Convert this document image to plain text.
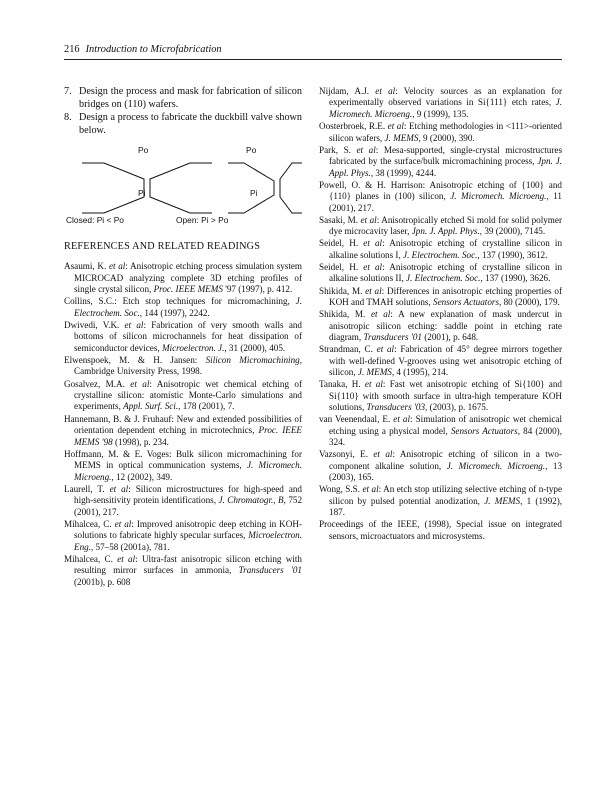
216 Introduction to Microfabrication
7. Design the process and mask for fabrication of silicon bridges on (110) wafers.
8. Design a process to fabricate the duckbill valve shown below.
Po	Po
Pi	Pi
Closed: Pi < Po	Open: Pi > Po
REFERENCES AND RELATED READINGS
Asaumi, K. et al: Anisotropic etching process simulation system MICROCAD analyzing complete 3D etching profiles of single crystal silicon, Proc. IEEE MEMS '97 (1997), p. 412.
Collins, S.C.: Etch stop techniques for micromachining, J. Electrochem. Soc., 144 (1997), 2242.
Dwivedi, V.K. et al: Fabrication of very smooth walls and bottoms of silicon microchannels for heat dissipation of semiconductor devices, Microelectron. J., 31 (2000), 405.
Elwenspoek, M. & H. Jansen: Silicon Micromachining, Cambridge University Press, 1998.
Gosalvez, M.A. et al: Anisotropic wet chemical etching of crystalline silicon: atomistic Monte-Carlo simulations and experiments, Appl. Surf. Sci., 178 (2001), 7.
Hannemann, B. & J. Fruhauf: New and extended possibilities of orientation dependent etching in microtechnics, Proc. IEEE MEMS '98 (1998), p. 234.
Hoffmann, M. & E. Voges: Bulk silicon micromachining for MEMS in optical communication systems, J. Micromech. Microeng., 12 (2002), 349.
Laurell, T. et al: Silicon microstructures for high-speed and high-sensitivity protein identifications, J. Chromatogr., B, 752 (2001), 217.
Mihalcea, C. et al: Improved anisotropic deep etching in KOH-solutions to fabricate highly specular surfaces, Microelectron. Eng., 57–58 (2001a), 781.
Mihalcea, C. et al: Ultra-fast anisotropic silicon etching with resulting mirror surfaces in ammonia, Transducers '01 (2001b), p. 608
Nijdam, A.J. et al: Velocity sources as an explanation for experimentally observed variations in Si{111} etch rates, J. Micromech. Microeng., 9 (1999), 135.
Oosterbroek, R.E. et al: Etching methodologies in <111>-oriented silicon wafers, J. MEMS, 9 (2000), 390.
Park, S. et al: Mesa-supported, single-crystal microstructures fabricated by the surface/bulk micromachining process, Jpn. J. Appl. Phys., 38 (1999), 4244.
Powell, O. & H. Harrison: Anisotropic etching of {100} and {110} planes in (100) silicon, J. Micromech. Microeng., 11 (2001), 217.
Sasaki, M. et al: Anisotropically etched Si mold for solid polymer dye microcavity laser, Jpn. J. Appl. Phys., 39 (2000), 7145.
Seidel, H. et al: Anisotropic etching of crystalline silicon in alkaline solutions I, J. Electrochem. Soc., 137 (1990), 3612.
Seidel, H. et al: Anisotropic etching of crystalline silicon in alkaline solutions II, J. Electrochem. Soc., 137 (1990), 3626.
Shikida, M. et al: Differences in anisotropic etching properties of KOH and TMAH solutions, Sensors Actuators, 80 (2000), 179.
Shikida, M. et al: A new explanation of mask undercut in anisotropic silicon etching: saddle point in etching rate diagram, Transducers '01 (2001), p. 648.
Strandman, C. et al: Fabrication of 45° degree mirrors together with well-defined V-grooves using wet anisotropic etching of silicon, J. MEMS, 4 (1995), 214.
Tanaka, H. et al: Fast wet anisotropic etching of Si{100} and Si{110} with smooth surface in ultra-high temperature KOH solutions, Transducers '03, (2003), p. 1675.
van Veenendaal, E. et al: Simulation of anisotropic wet chemical etching using a physical model, Sensors Actuators, 84 (2000), 324.
Vazsonyi, E. et al: Anisotropic etching of silicon in a two-component alkaline solution, J. Micromech. Microeng., 13 (2003), 165.
Wong, S.S. et al: An etch stop utilizing selective etching of n-type silicon by pulsed potential anodization, J. MEMS, 1 (1992), 187.
Proceedings of the IEEE, (1998), Special issue on integrated sensors, microactuators and microsystems.
